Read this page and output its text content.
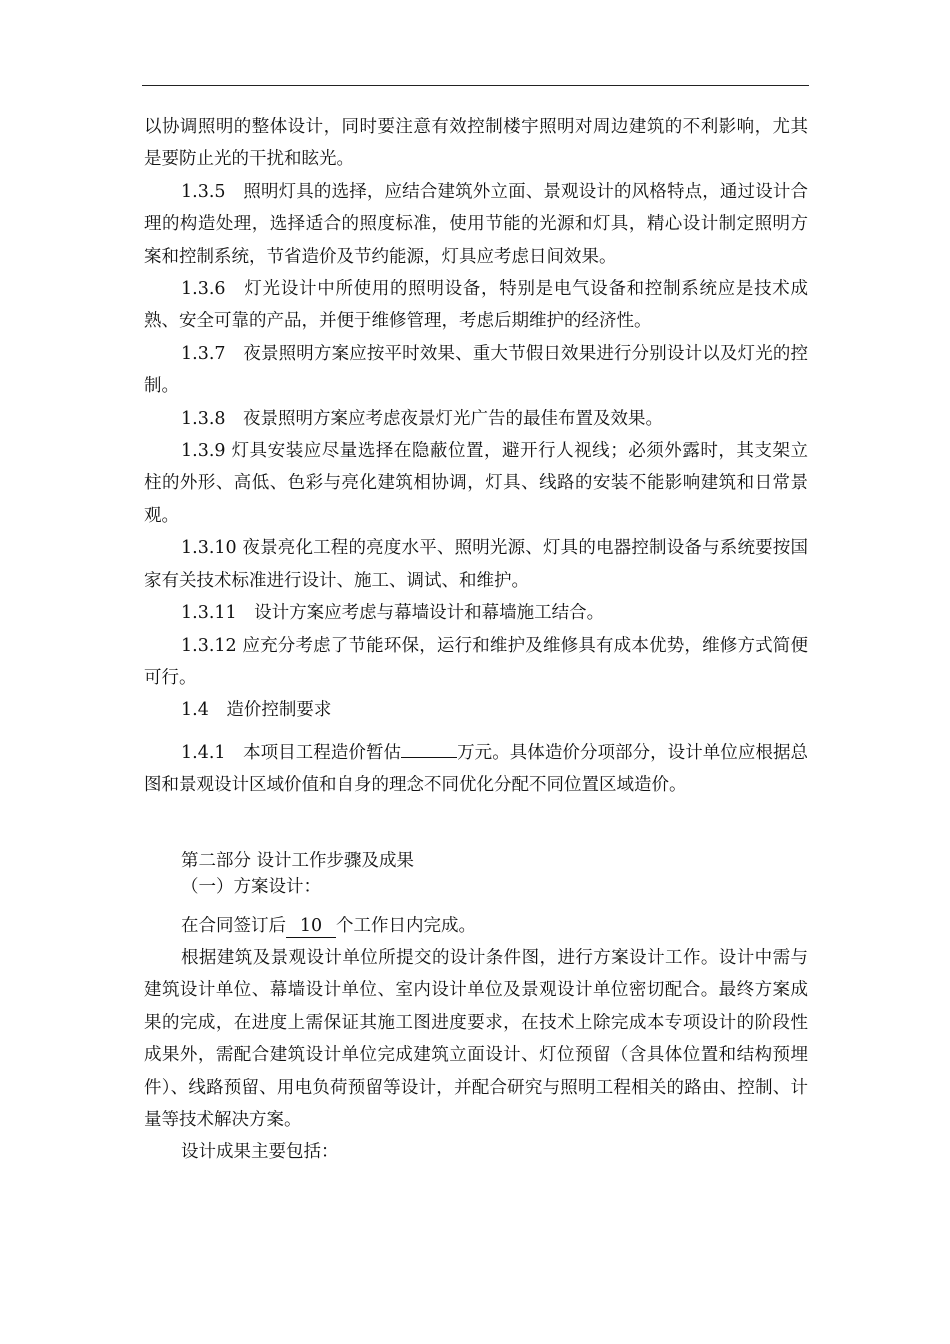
以协调照明的整体设计，同时要注意有效控制楼宇照明对周边建筑的不利影响，尤其是要防止光的干扰和眩光。

1.3.5　照明灯具的选择，应结合建筑外立面、景观设计的风格特点，通过设计合理的构造处理，选择适合的照度标准，使用节能的光源和灯具，精心设计制定照明方案和控制系统，节省造价及节约能源，灯具应考虑日间效果。

1.3.6　灯光设计中所使用的照明设备，特别是电气设备和控制系统应是技术成熟、安全可靠的产品，并便于维修管理，考虑后期维护的经济性。

1.3.7　夜景照明方案应按平时效果、重大节假日效果进行分别设计以及灯光的控制。

1.3.8　夜景照明方案应考虑夜景灯光广告的最佳布置及效果。

1.3.9 灯具安装应尽量选择在隐蔽位置，避开行人视线；必须外露时，其支架立柱的外形、高低、色彩与亮化建筑相协调，灯具、线路的安装不能影响建筑和日常景观。

1.3.10 夜景亮化工程的亮度水平、照明光源、灯具的电器控制设备与系统要按国家有关技术标准进行设计、施工、调试、和维护。

1.3.11　设计方案应考虑与幕墙设计和幕墙施工结合。

1.3.12 应充分考虑了节能环保，运行和维护及维修具有成本优势，维修方式简便可行。

1.4　造价控制要求

1.4.1　本项目工程造价暂估	万元。具体造价分项部分，设计单位应根据总图和景观设计区域价值和自身的理念不同优化分配不同位置区域造价。

第二部分 设计工作步骤及成果

（一）方案设计：

在合同签订后 10 个工作日内完成。

根据建筑及景观设计单位所提交的设计条件图，进行方案设计工作。设计中需与建筑设计单位、幕墙设计单位、室内设计单位及景观设计单位密切配合。最终方案成果的完成，在进度上需保证其施工图进度要求，在技术上除完成本专项设计的阶段性成果外，需配合建筑设计单位完成建筑立面设计、灯位预留（含具体位置和结构预埋件）、线路预留、用电负荷预留等设计，并配合研究与照明工程相关的路由、控制、计量等技术解决方案。

设计成果主要包括：
